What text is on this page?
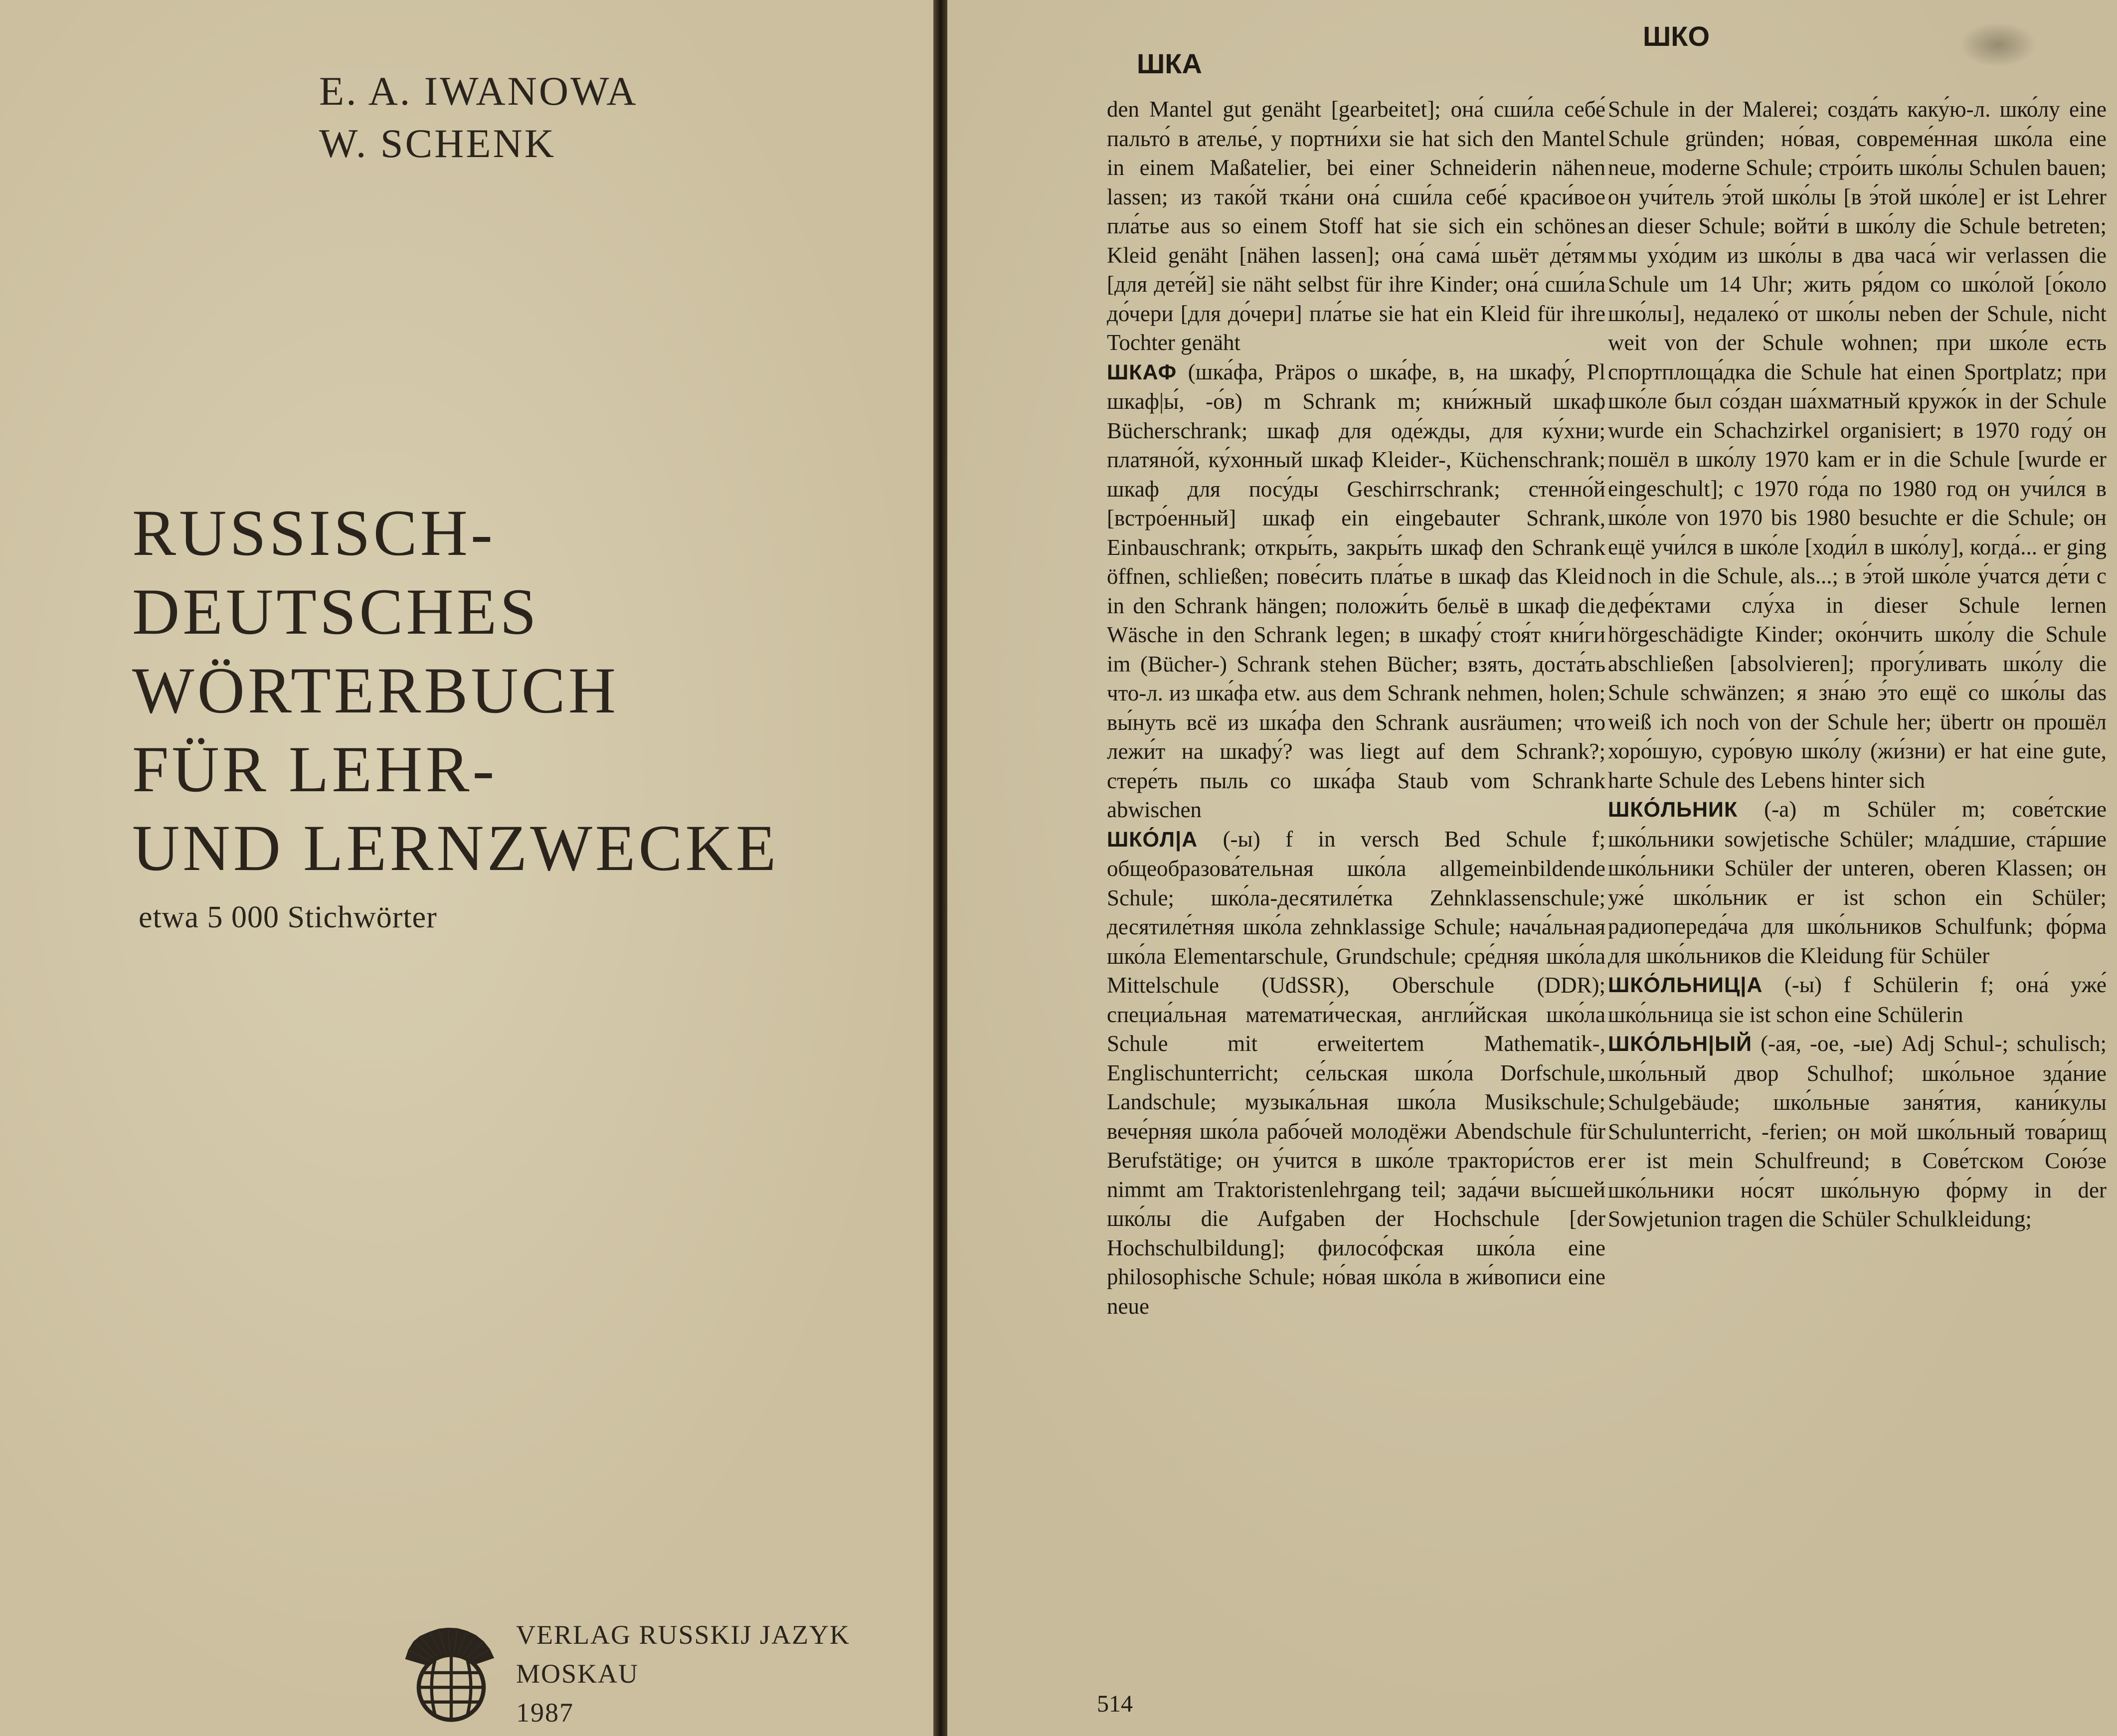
E. A. IWANOWA
W. SCHENK
RUSSISCH-
DEUTSCHES
WÖRTERBUCH
FÜR LEHR-
UND LERNZWECKE
etwa 5 000 Stichwörter
VERLAG RUSSKIJ JAZYK
MOSKAU
1987
ШКА
ШКО

den Mantel gut genäht [gearbeitet]; она́ сши́ла себе́ пальто́ в ателье́, у портни́хи sie hat sich den Mantel in einem Maßatelier, bei einer Schneiderin nähen lassen; из тако́й тка́ни она́ сши́ла себе́ краси́вое пла́тье aus so einem Stoff hat sie sich ein schönes Kleid genäht [nähen lassen]; она́ сама́ шьёт де́тям [для дете́й] sie näht selbst für ihre Kinder; она́ сши́ла до́чери [для до́чери] пла́тье sie hat ein Kleid für ihre Tochter genäht

ШКАФ (шка́фа, Präpos о шка́фе, в, на шкафу́, Pl шкаф|ы́, -о́в) m Schrank m; кни́жный шкаф Bücherschrank; шкаф для оде́жды, для ку́хни; платяно́й, ку́хонный шкаф Kleider-, Küchenschrank; шкаф для посу́ды Geschirrschrank; стенно́й [встро́енный] шкаф ein eingebauter Schrank, Einbauschrank; откры́ть, закры́ть шкаф den Schrank öffnen, schließen; пове́сить пла́тье в шкаф das Kleid in den Schrank hängen; положи́ть бельё в шкаф die Wäsche in den Schrank legen; в шкафу́ стоя́т кни́ги im (Bücher-) Schrank stehen Bücher; взять, доста́ть что-л. из шка́фа etw. aus dem Schrank nehmen, holen; вы́нуть всё из шка́фа den Schrank ausräumen; что лежи́т на шкафу́? was liegt auf dem Schrank?; стере́ть пыль со шка́фа Staub vom Schrank abwischen

ШКО́Л|А (-ы) f in versch Bed Schule f; общеобразова́тельная шко́ла allgemeinbildende Schule; шко́ла-десятиле́тка Zehnklassenschule; десятиле́тняя шко́ла zehnklassige Schule; нача́льная шко́ла Elementarschule, Grundschule; сре́дняя шко́ла Mittelschule (UdSSR), Oberschule (DDR); специа́льная математи́ческая, англи́йская шко́ла Schule mit erweitertem Mathematik-, Englischunterricht; се́льская шко́ла Dorfschule, Landschule; музыка́льная шко́ла Musikschule; вече́рняя шко́ла рабо́чей молодёжи Abendschule für Berufstätige; он у́чится в шко́ле трактори́стов er nimmt am Traktoristenlehrgang teil; зада́чи вы́сшей шко́лы die Aufgaben der Hochschule [der Hochschulbildung]; филосо́фская шко́ла eine philosophische Schule; но́вая шко́ла в жи́вописи eine neue

Schule in der Malerei; созда́ть каку́ю-л. шко́лу eine Schule gründen; но́вая, совреме́нная шко́ла eine neue, moderne Schule; стро́ить шко́лы Schulen bauen; он учи́тель э́той шко́лы [в э́той шко́ле] er ist Lehrer an dieser Schule; войти́ в шко́лу die Schule betreten; мы ухо́дим из шко́лы в два часа́ wir verlassen die Schule um 14 Uhr; жить ря́дом со шко́лой [о́коло шко́лы], недалеко́ от шко́лы neben der Schule, nicht weit von der Schule wohnen; при шко́ле есть спортплоща́дка die Schule hat einen Sportplatz; при шко́ле был со́здан ша́хматный кружо́к in der Schule wurde ein Schachzirkel organisiert; в 1970 году́ он пошёл в шко́лу 1970 kam er in die Schule [wurde er eingeschult]; с 1970 го́да по 1980 год он учи́лся в шко́ле von 1970 bis 1980 besuchte er die Schule; он ещё учи́лся в шко́ле [ходи́л в шко́лу], когда́... er ging noch in die Schule, als...; в э́той шко́ле у́чатся де́ти с дефе́ктами слу́ха in dieser Schule lernen hörgeschädigte Kinder; око́нчить шко́лу die Schule abschließen [absolvieren]; прогу́ливать шко́лу die Schule schwänzen; я зна́ю э́то ещё со шко́лы das weiß ich noch von der Schule her; übertr он прошёл хоро́шую, суро́вую шко́лу (жи́зни) er hat eine gute, harte Schule des Lebens hinter sich

ШКО́ЛЬНИК (-а) m Schüler m; сове́тские шко́льники sowjetische Schüler; мла́дшие, ста́ршие шко́льники Schüler der unteren, oberen Klassen; он уже́ шко́льник er ist schon ein Schüler; радиопереда́ча для шко́льников Schulfunk; фо́рма для шко́льников die Kleidung für Schüler

ШКО́ЛЬНИЦ|А (-ы) f Schülerin f; она́ уже́ шко́льница sie ist schon eine Schülerin

ШКО́ЛЬН|ЫЙ (-ая, -ое, -ые) Adj Schul-; schulisch; шко́льный двор Schulhof; шко́льное зда́ние Schulgebäude; шко́льные заня́тия, кани́кулы Schulunterricht, -ferien; он мой шко́льный това́рищ er ist mein Schulfreund; в Сове́тском Сою́зе шко́льники но́сят шко́льную фо́рму in der Sowjetunion tragen die Schüler Schulkleidung;

514
